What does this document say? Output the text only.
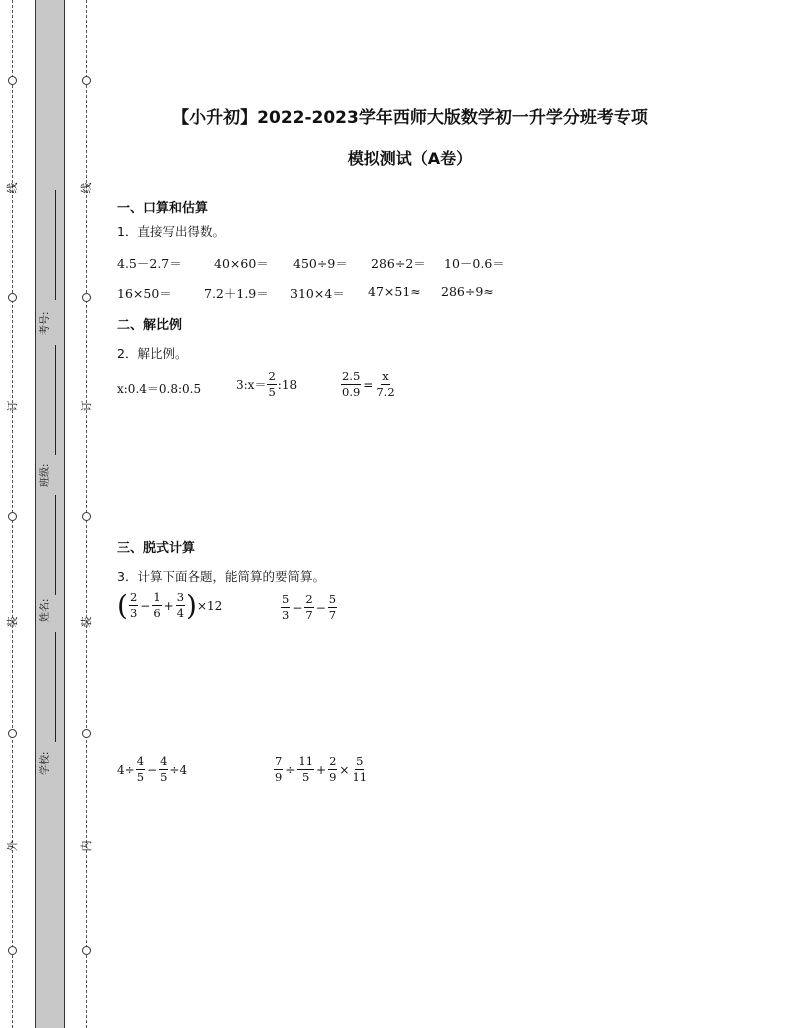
线
订
装
外
线
订
装
内
考号:
班级:
姓名:
学校:
【小升初】2022-2023学年西师大版数学初一升学分班考专项
模拟测试（A卷）
一、口算和估算
1．直接写出得数。
4.5－2.7＝	40×60＝ 450÷9＝ 286÷2＝ 10－0.6＝
16×50＝	7.2＋1.9＝ 310×4＝ 47×51≈ 286÷9≈
二、解比例
2．解比例。
x:0.4＝0.8:0.5	3:x＝ $\frac{2}{5}$ :18	$\frac{2.5}{0.9} = \frac{x}{7.2}$
三、脱式计算
3．计算下面各题，能简算的要简算。
( $\frac{2}{3} - \frac{1}{6} + \frac{3}{4}$ ) ×12	$\frac{5}{3} - \frac{2}{7} - \frac{5}{7}$
$4\div \frac{4}{5} - \frac{4}{5} \div 4$	$\frac{7}{9} \div \frac{11}{5} + \frac{2}{9} \times \frac{5}{11}$
